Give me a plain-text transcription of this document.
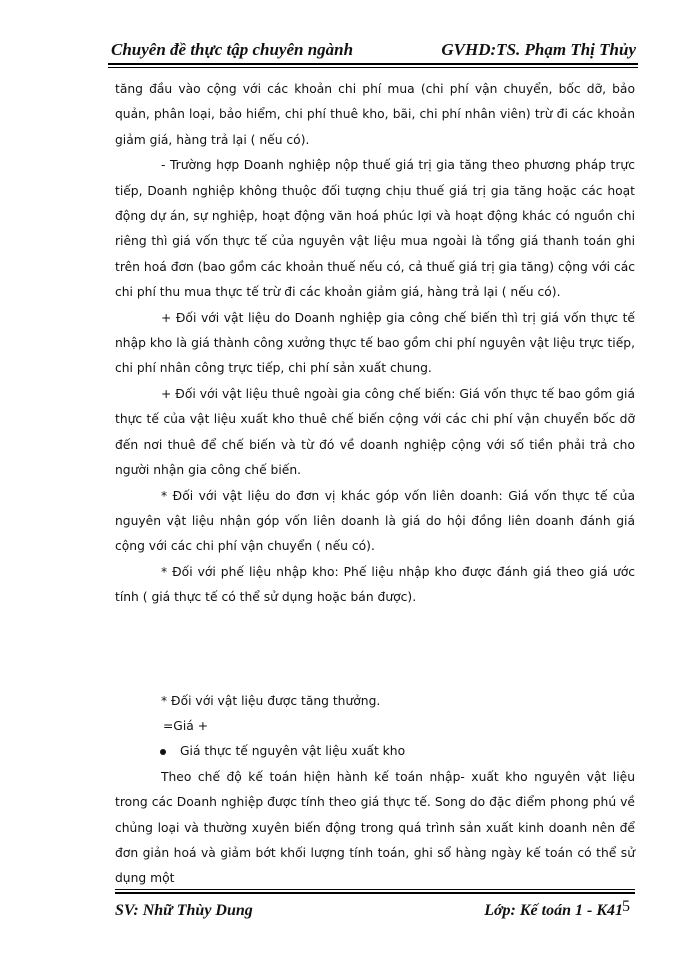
Chuyên đề thực tập chuyên ngành	GVHD:TS. Phạm Thị Thủy

tăng đầu vào cộng với các khoản chi phí mua (chi phí vận chuyển, bốc dỡ, bảo quản, phân loại, bảo hiểm, chi phí thuê kho, bãi, chi phí nhân viên) trừ đi các khoản giảm giá, hàng trả lại ( nếu có).

- Trường hợp Doanh nghiệp nộp thuế giá trị gia tăng theo phương pháp trực tiếp, Doanh nghiệp không thuộc đối tượng chịu thuế giá trị gia tăng hoặc các hoạt động dự án, sự nghiệp, hoạt động văn hoá phúc lợi và hoạt động khác có nguồn chi riêng thì giá vốn thực tế của nguyên vật liệu mua ngoài là tổng giá thanh toán ghi trên hoá đơn (bao gồm các khoản thuế nếu có, cả thuế giá trị gia tăng) cộng với các chi phí thu mua thực tế trừ đi các khoản giảm giá, hàng trả lại ( nếu có).

+ Đối với vật liệu do Doanh nghiệp gia công chế biến thì trị giá vốn thực tế nhập kho là giá thành công xưởng thực tế bao gồm chi phí nguyên vật liệu trực tiếp, chi phí nhân công trực tiếp, chi phí sản xuất chung.

+ Đối với vật liệu thuê ngoài gia công chế biến: Giá vốn thực tế bao gồm giá thực tế của vật liệu xuất kho thuê chế biến cộng với các chi phí vận chuyển bốc dỡ đến nơi thuê để chế biến và từ đó về doanh nghiệp cộng với số tiền phải trả cho người nhận gia công chế biến.

* Đối với vật liệu do đơn vị khác góp vốn liên doanh: Giá vốn thực tế của nguyên vật liệu nhận góp vốn liên doanh là giá do hội đồng liên doanh đánh giá cộng với các chi phí vận chuyển ( nếu có).

* Đối với phế liệu nhập kho: Phế liệu nhập kho được đánh giá theo giá ước tính ( giá thực tế có thể sử dụng hoặc bán được).

* Đối với vật liệu được tăng thưởng.

=Giá +

Giá thực tế nguyên vật liệu xuất kho

Theo chế độ kế toán hiện hành kế toán nhập- xuất kho nguyên vật liệu trong các Doanh nghiệp được tính theo giá thực tế. Song do đặc điểm phong phú về chủng loại và thường xuyên biến động trong quá trình sản xuất kinh doanh nên để đơn giản hoá và giảm bớt khối lượng tính toán, ghi sổ hàng ngày kế toán có thể sử dụng một

SV: Nhữ Thùy Dung	Lớp: Kế toán 1 - K41 5
